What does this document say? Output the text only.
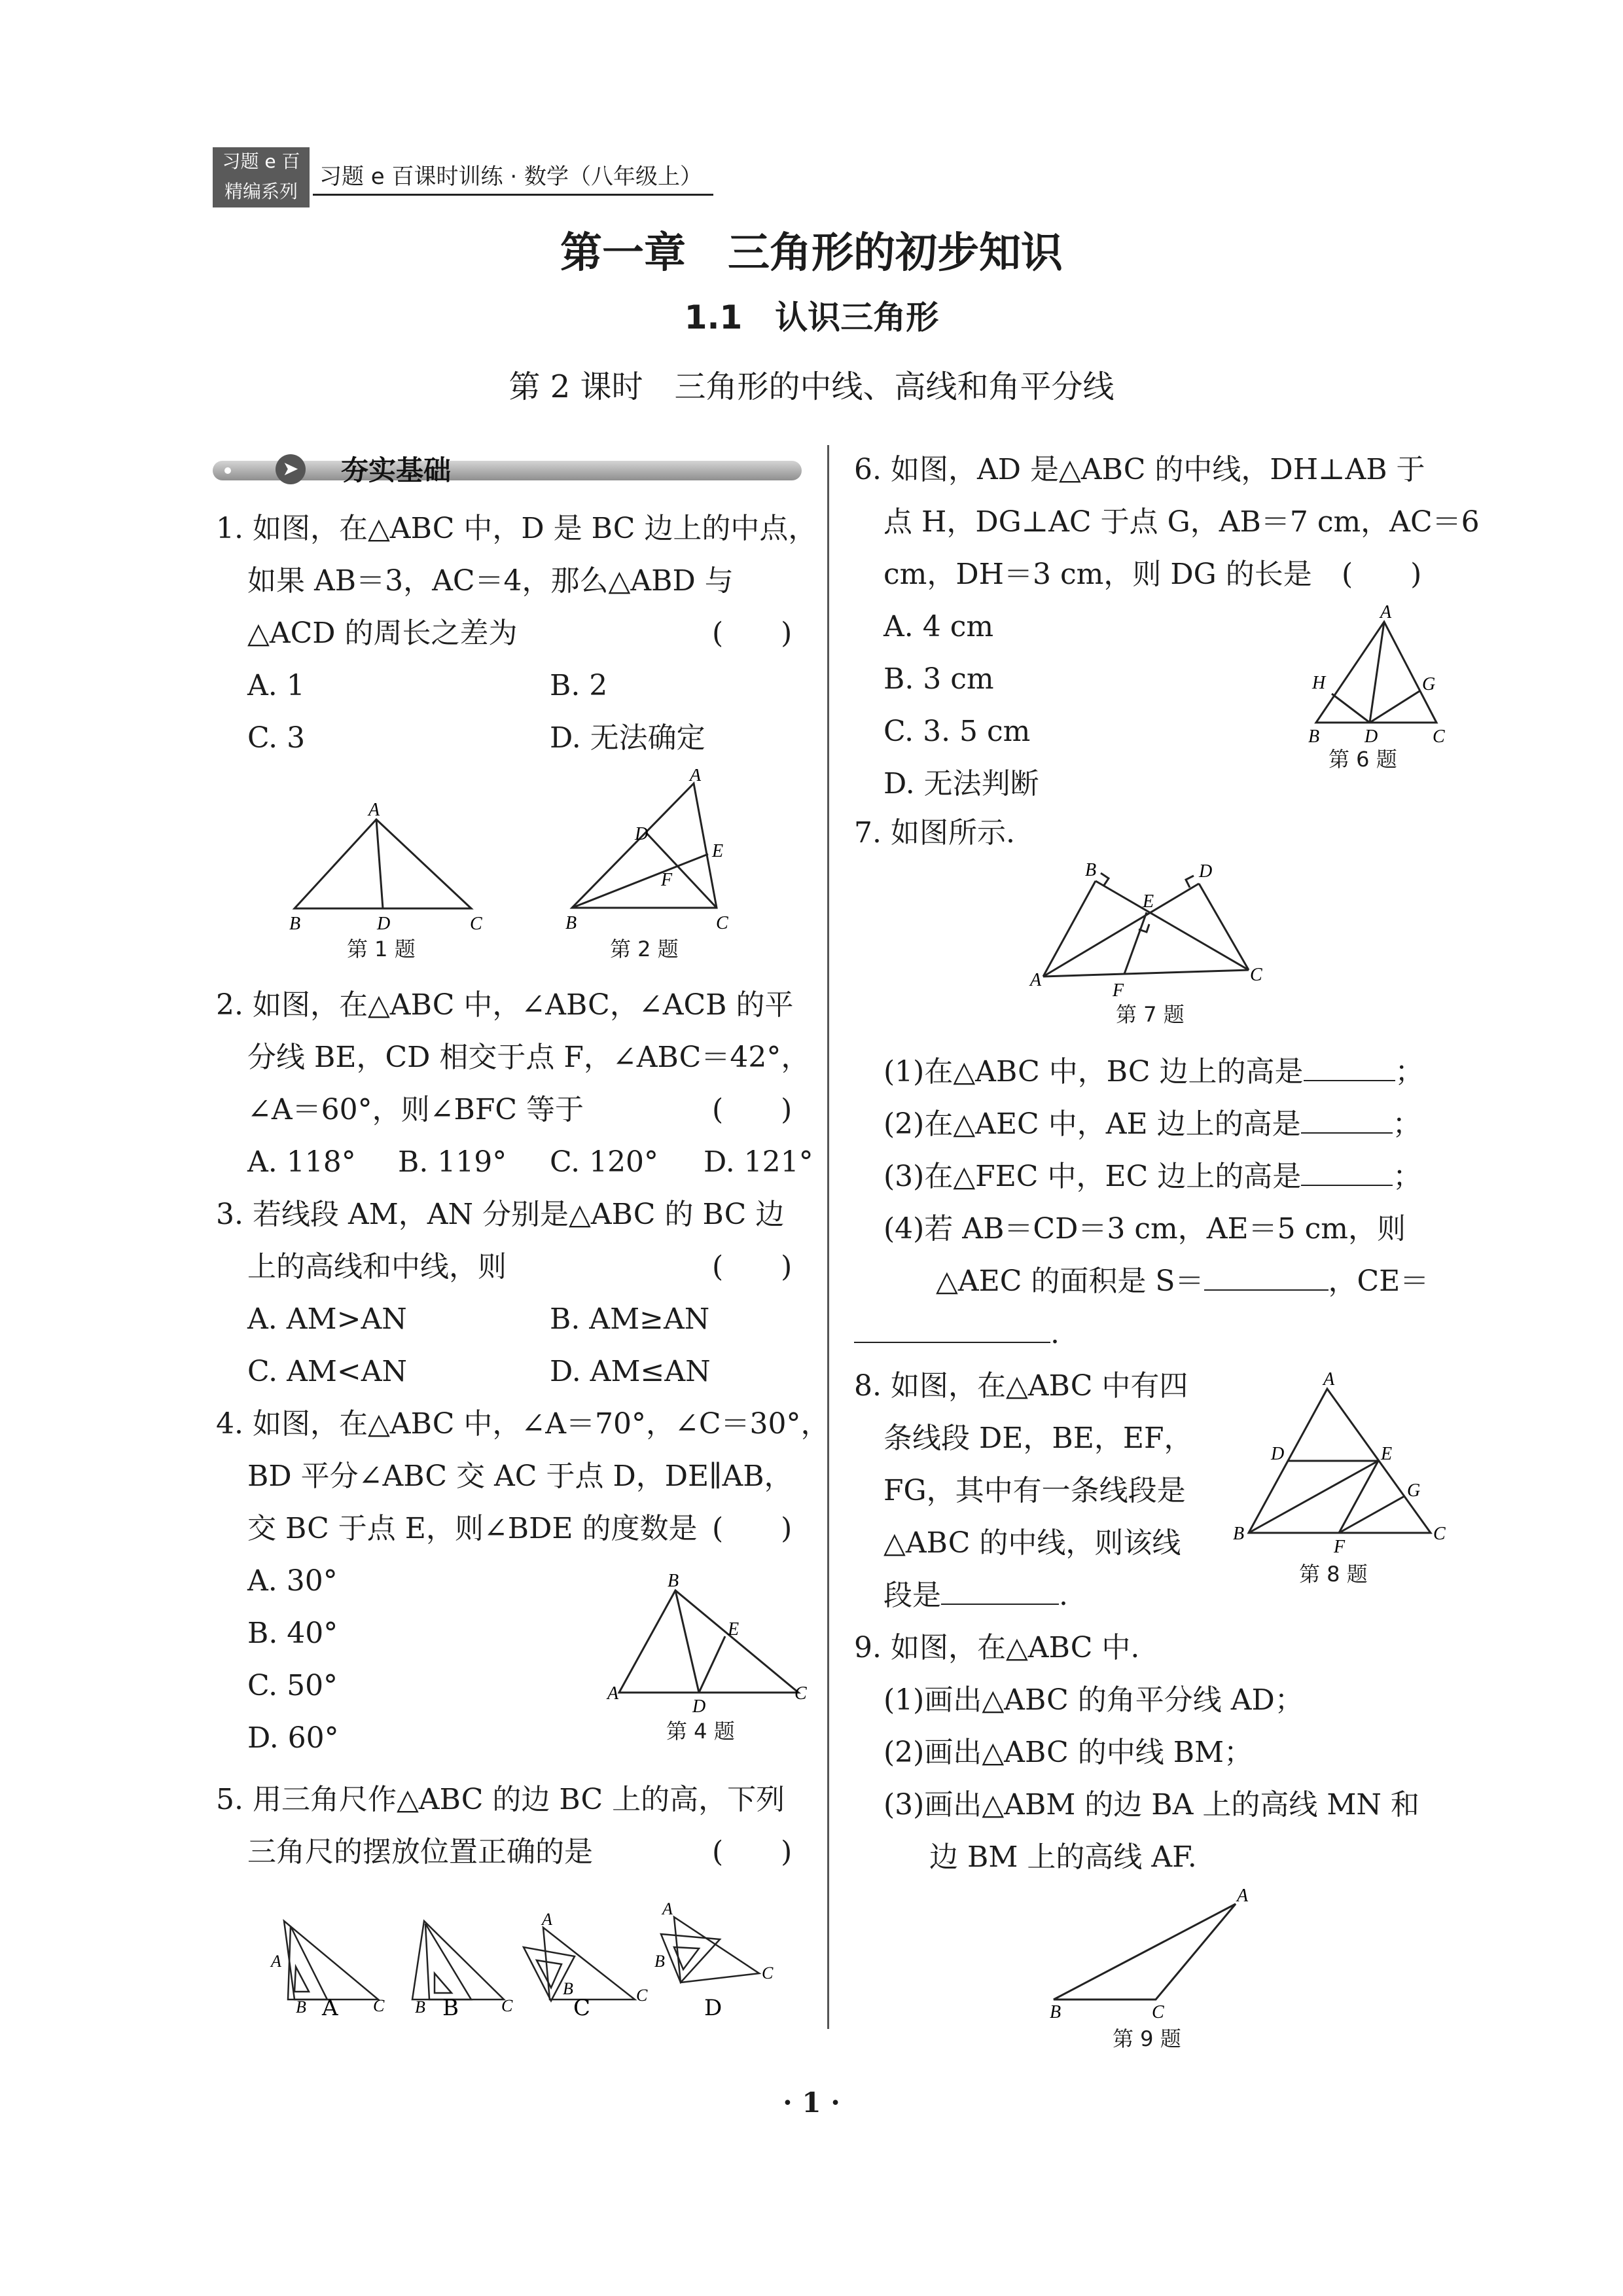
习题 e 百
精编系列
习题 e 百课时训练 · 数学（八年级上）
第一章　三角形的初步知识
1.1　认识三角形
第 2 课时　三角形的中线、高线和角平分线
➤ 夯实基础
1. 如图，在△ABC 中，D 是 BC 边上的中点，
如果 AB＝3，AC＝4，那么△ABD 与
△ACD 的周长之差为	(　　)
A. 1	B. 2
C. 3	D. 无法确定
A
B	D	C
第 1 题
A
D
E
F
B	C
第 2 题
2. 如图，在△ABC 中，∠ABC，∠ACB 的平
分线 BE，CD 相交于点 F，∠ABC＝42°，
∠A＝60°，则∠BFC 等于	(　　)
A. 118° B. 119° C. 120° D. 121°
3. 若线段 AM，AN 分别是△ABC 的 BC 边
上的高线和中线，则	(　　)
A. AM>AN	B. AM≥AN
C. AM<AN	D. AM≤AN
4. 如图，在△ABC 中，∠A＝70°，∠C＝30°，
BD 平分∠ABC 交 AC 于点 D，DE∥AB，
交 BC 于点 E，则∠BDE 的度数是 (　　)
A. 30°
B. 40°
C. 50°
D. 60°
B
E
A
D
C
第 4 题
5. 用三角尺作△ABC 的边 BC 上的高，下列
三角尺的摆放位置正确的是	(　　)
A
B	C B	C
A
B	C
A
B
C
A	B	C	D
6. 如图，AD 是△ABC 的中线，DH⊥AB 于
点 H，DG⊥AC 于点 G，AB＝7 cm，AC＝6
cm，DH＝3 cm，则 DG 的长是 (　　)
A. 4 cm
B. 3 cm
C. 3. 5 cm
D. 无法判断
A
H	G
B D	C
第 6 题
7. 如图所示.
B	D
E
A
F
C
第 7 题
(1)在△ABC 中，BC 边上的高是	；
(2)在△AEC 中，AE 边上的高是	；
(3)在△FEC 中，EC 边上的高是	；
(4)若 AB＝CD＝3 cm，AE＝5 cm，则
△AEC 的面积是 S＝	，CE＝
.
8. 如图，在△ABC 中有四
条线段 DE，BE，EF，
FG，其中有一条线段是
△ABC 的中线，则该线
段是	.
A
D	E
G
B
F
C
第 8 题
9. 如图，在△ABC 中.
(1)画出△ABC 的角平分线 AD；
(2)画出△ABC 的中线 BM；
(3)画出△ABM 的边 BA 上的高线 MN 和
边 BM 上的高线 AF.
A
B	C
第 9 题
· 1 ·
